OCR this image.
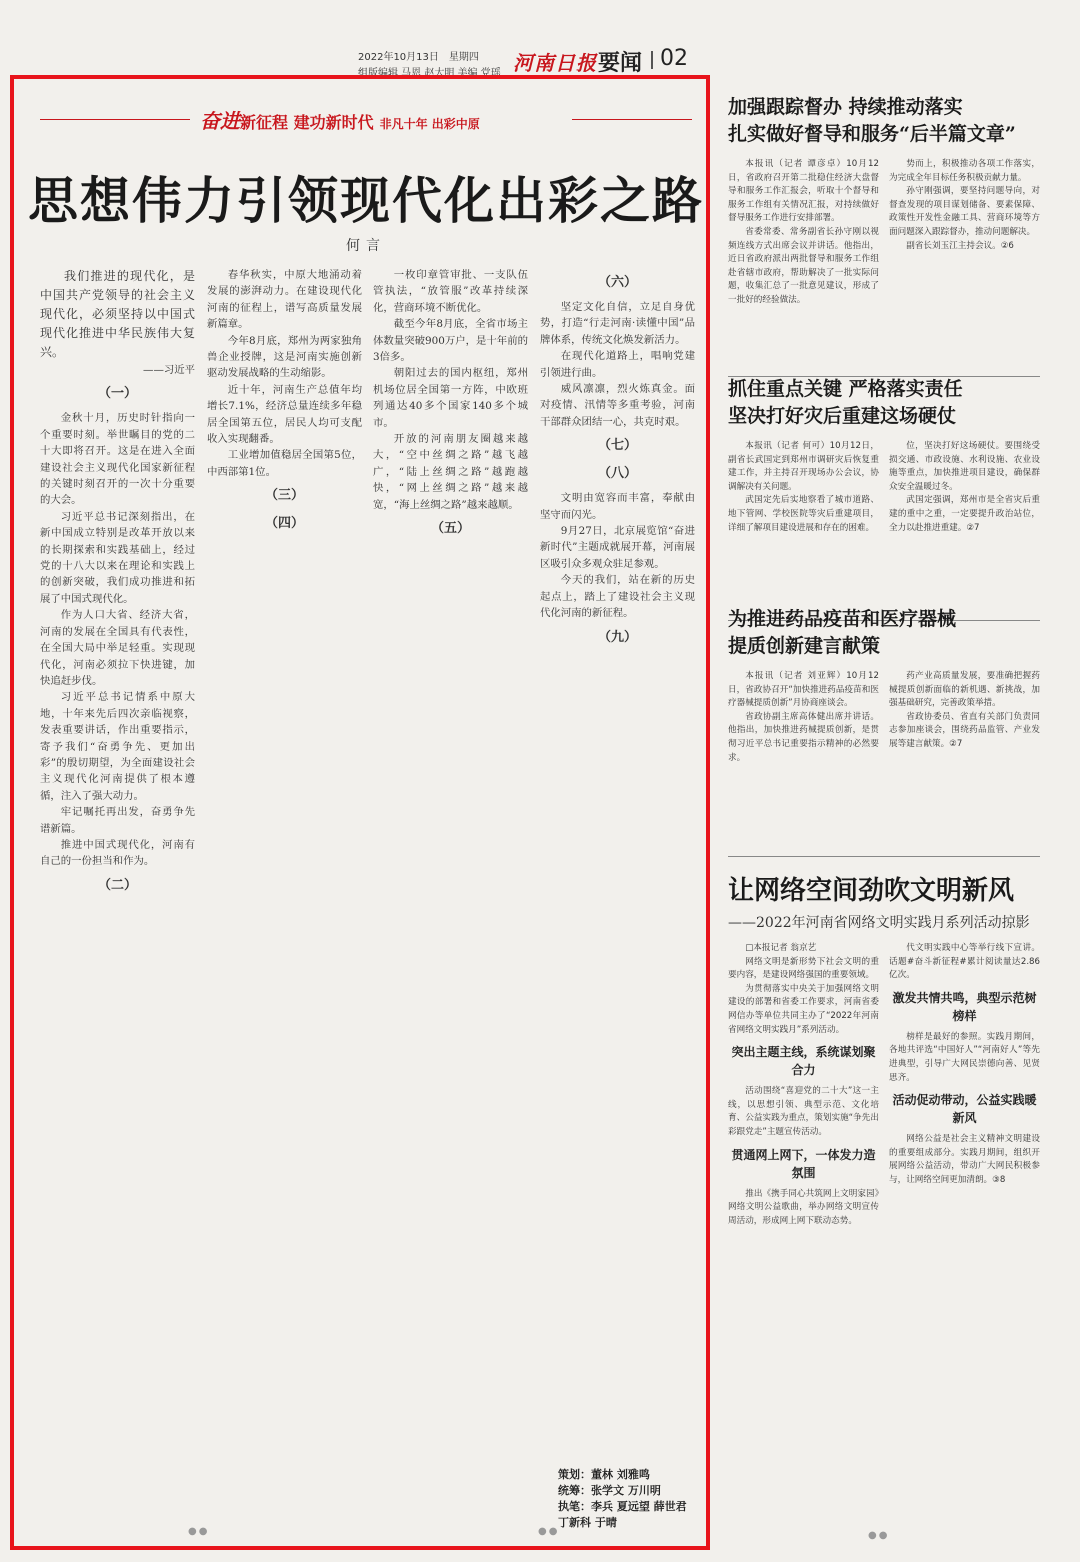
2022年10月13日　星期四
组版编辑 马恩 赵大明 美编 党瑶 河南日报 要闻 02
奋进新征程 建功新时代 非凡十年 出彩中原
思想伟力引领现代化出彩之路
何言

我们推进的现代化，是中国共产党领导的社会主义现代化，必须坚持以中国式现代化推进中华民族伟大复兴。

——习近平

（一）

金秋十月，历史时针指向一个重要时刻。举世瞩目的党的二十大即将召开。这是在进入全面建设社会主义现代化国家新征程的关键时刻召开的一次十分重要的大会。

习近平总书记深刻指出，在新中国成立特别是改革开放以来的长期探索和实践基础上，经过党的十八大以来在理论和实践上的创新突破，我们成功推进和拓展了中国式现代化。

作为人口大省、经济大省，河南的发展在全国具有代表性，在全国大局中举足轻重。实现现代化，河南必须拉下快进键，加快追赶步伐。

习近平总书记情系中原大地，十年来先后四次亲临视察，发表重要讲话，作出重要指示，寄予我们“奋勇争先、更加出彩”的殷切期望，为全面建设社会主义现代化河南提供了根本遵循，注入了强大动力。

牢记嘱托再出发，奋勇争先谱新篇。

推进中国式现代化，河南有自己的一份担当和作为。

（二）

春华秋实，中原大地涌动着发展的澎湃动力。在建设现代化河南的征程上，谱写高质量发展新篇章。

今年8月底，郑州为两家独角兽企业授牌，这是河南实施创新驱动发展战略的生动缩影。

近十年，河南生产总值年均增长7.1%，经济总量连续多年稳居全国第五位，居民人均可支配收入实现翻番。

工业增加值稳居全国第5位，中西部第1位。

（三）
（四）

一枚印章管审批、一支队伍管执法，“放管服”改革持续深化，营商环境不断优化。

截至今年8月底，全省市场主体数量突破900万户，是十年前的3倍多。

朝阳过去的国内枢纽，郑州机场位居全国第一方阵，中欧班列通达40多个国家140多个城市。

开放的河南朋友圈越来越大，“空中丝绸之路”越飞越广，“陆上丝绸之路”越跑越快，“网上丝绸之路”越来越宽，“海上丝绸之路”越来越顺。

（五）
（六）

坚定文化自信，立足自身优势，打造“行走河南·读懂中国”品牌体系，传统文化焕发新活力。

在现代化道路上，唱响党建引领进行曲。

威风凛凛，烈火炼真金。面对疫情、汛情等多重考验，河南干部群众团结一心，共克时艰。

（七）
（八）

文明由宽容而丰富，奉献由坚守而闪光。

9月27日，北京展览馆“奋进新时代”主题成就展开幕，河南展区吸引众多观众驻足参观。

今天的我们，站在新的历史起点上，踏上了建设社会主义现代化河南的新征程。

（九）
策划：董林 刘雅鸣
统筹：张学文 万川明
执笔：李兵 夏远望 薛世君
丁新科 于晴
●●	●●
加强跟踪督办 持续推动落实
扎实做好督导和服务“后半篇文章”

本报讯（记者 谭彦卓）10月12日，省政府召开第二批稳住经济大盘督导和服务工作汇报会，听取十个督导和服务工作组有关情况汇报，对持续做好督导服务工作进行安排部署。

省委常委、常务副省长孙守刚以视频连线方式出席会议并讲话。他指出，近日省政府派出两批督导和服务工作组赴省辖市政府，帮助解决了一批实际问题，收集汇总了一批意见建议，形成了一批好的经验做法。

势而上，积极推动各项工作落实，为完成全年目标任务积极贡献力量。

孙守刚强调，要坚持问题导向，对督查发现的项目谋划储备、要素保障、政策性开发性金融工具、营商环境等方面问题深入跟踪督办，推动问题解决。

副省长刘玉江主持会议。②6

抓住重点关键 严格落实责任
坚决打好灾后重建这场硬仗

本报讯（记者 何可）10月12日，副省长武国定到郑州市调研灾后恢复重建工作，并主持召开现场办公会议，协调解决有关问题。

武国定先后实地察看了城市道路、地下管网、学校医院等灾后重建项目，详细了解项目建设进展和存在的困难。

位，坚决打好这场硬仗。要围绕受损交通、市政设施、水利设施、农业设施等重点，加快推进项目建设，确保群众安全温暖过冬。

武国定强调，郑州市是全省灾后重建的重中之重，一定要提升政治站位，全力以赴推进重建。②7

为推进药品疫苗和医疗器械
提质创新建言献策

本报讯（记者 刘亚辉）10月12日，省政协召开“加快推进药品疫苗和医疗器械提质创新”月协商座谈会。

省政协副主席高体健出席并讲话。他指出，加快推进药械提质创新，是贯彻习近平总书记重要指示精神的必然要求。

药产业高质量发展，要准确把握药械提质创新面临的新机遇、新挑战，加强基础研究，完善政策举措。

省政协委员、省直有关部门负责同志参加座谈会，围绕药品监管、产业发展等建言献策。②7

让网络空间劲吹文明新风
——2022年河南省网络文明实践月系列活动掠影

□本报记者 翁京艺

网络文明是新形势下社会文明的重要内容，是建设网络强国的重要领域。

为贯彻落实中央关于加强网络文明建设的部署和省委工作要求，河南省委网信办等单位共同主办了“2022年河南省网络文明实践月”系列活动。

突出主题主线，系统谋划聚合力

活动围绕“喜迎党的二十大”这一主线，以思想引领、典型示范、文化培育、公益实践为重点，策划实施“争先出彩跟党走”主题宣传活动。

贯通网上网下，一体发力造氛围

推出《携手同心共筑网上文明家园》网络文明公益歌曲，举办网络文明宣传周活动，形成网上网下联动态势。

代文明实践中心等举行线下宣讲。话题#奋斗新征程#累计阅读量达2.86亿次。

激发共情共鸣，典型示范树榜样

榜样是最好的参照。实践月期间，各地共评选“中国好人”“河南好人”等先进典型，引导广大网民崇德向善、见贤思齐。

活动促动带动，公益实践暖新风

网络公益是社会主义精神文明建设的重要组成部分。实践月期间，组织开展网络公益活动，带动广大网民积极参与，让网络空间更加清朗。③8

●●
